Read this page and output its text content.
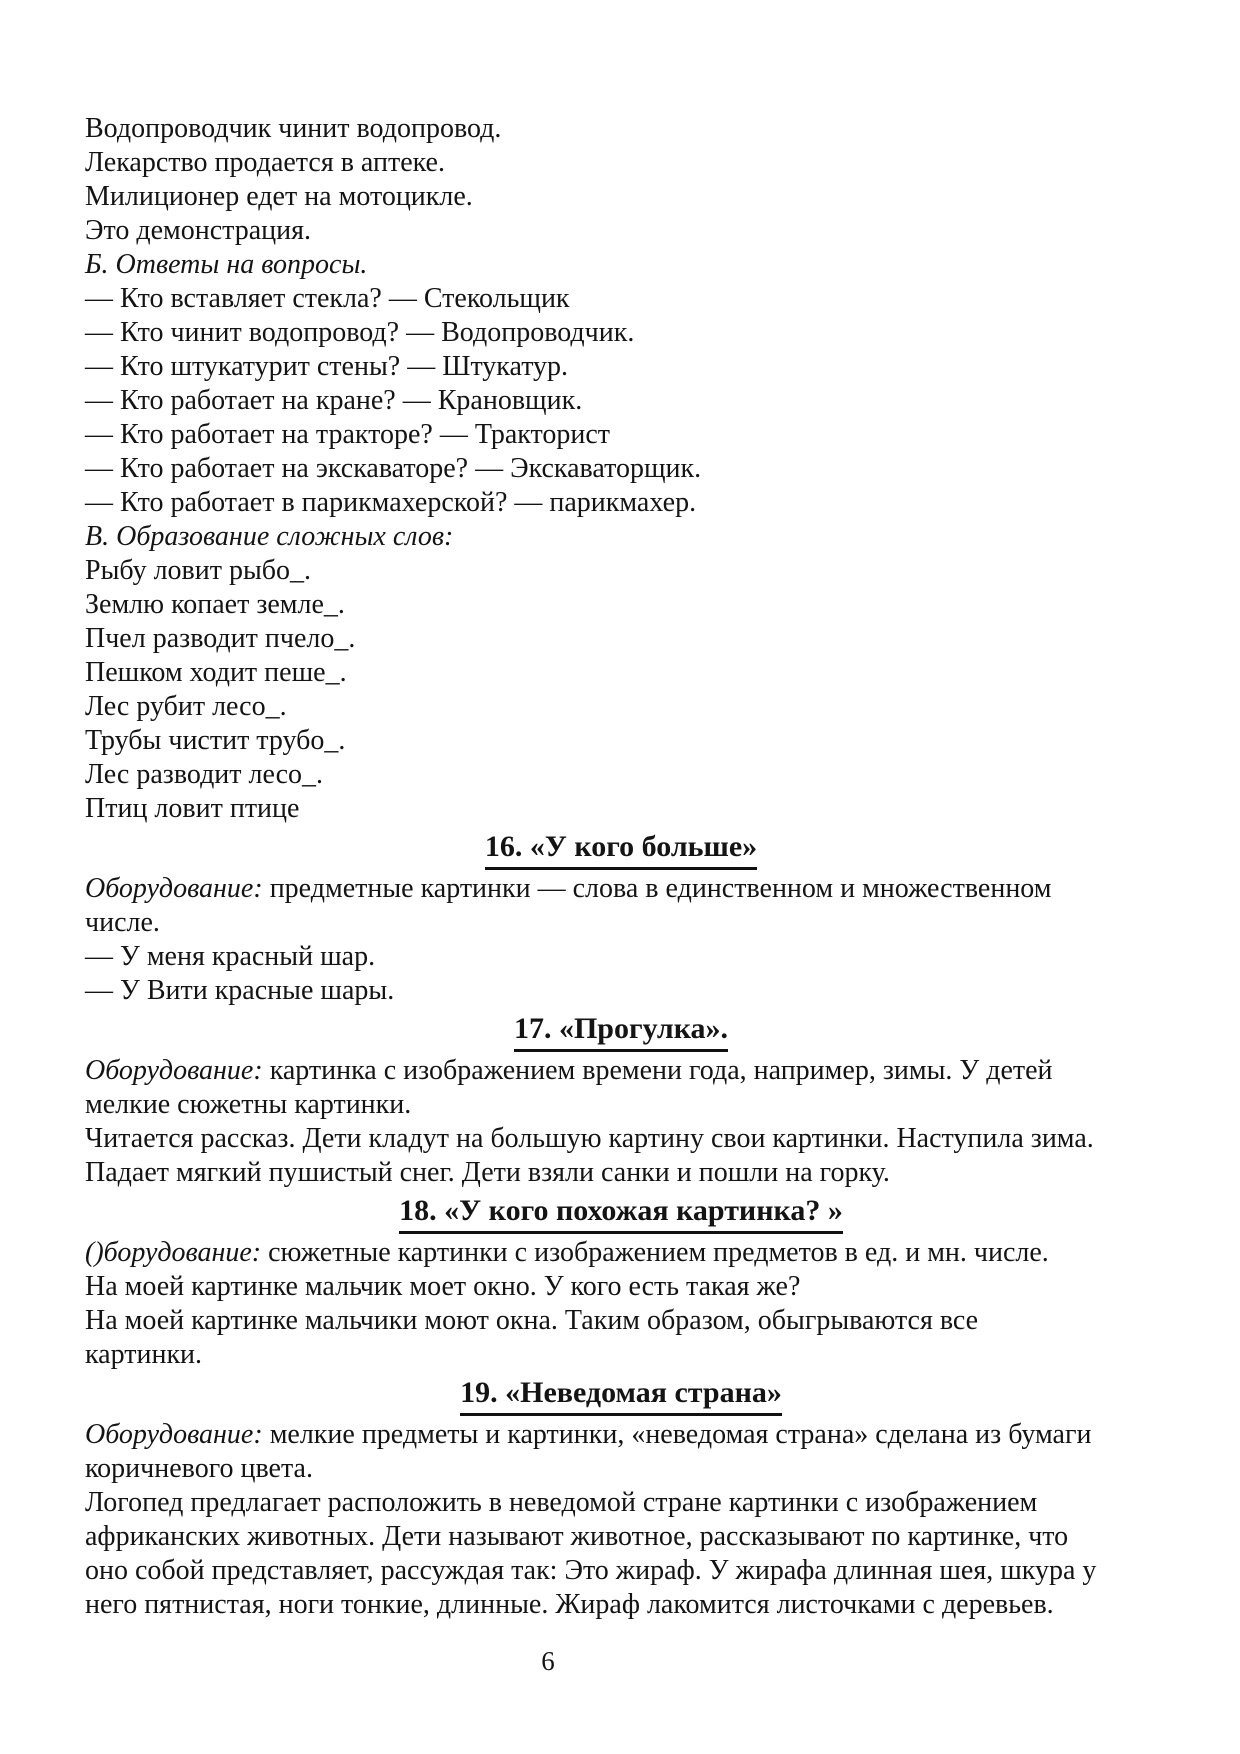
Водопроводчик чинит водопровод.
Лекарство продается в аптеке.
Милиционер едет на мотоцикле.
Это демонстрация.
Б. Ответы на вопросы.
— Кто вставляет стекла? — Стекольщик
— Кто чинит водопровод? — Водопроводчик.
— Кто штукатурит стены? — Штукатур.
— Кто работает на кране? — Крановщик.
— Кто работает на тракторе? — Тракторист
— Кто работает на экскаваторе? — Экскаваторщик.
— Кто работает в парикмахерской? — парикмахер.
В. Образование сложных слов:
Рыбу ловит рыбо_.
Землю копает земле_.
Пчел разводит пчело_.
Пешком ходит пеше_.
Лес рубит лесо_.
Трубы чистит трубо_.
Лес разводит лесо_.
Птиц ловит птице
16. «У кого больше»
Оборудование: предметные картинки — слова в единственном и множественном
числе.
— У меня красный шар.
— У Вити красные шары.
17. «Прогулка».
Оборудование: картинка с изображением времени года, например, зимы. У детей
мелкие сюжетны картинки.
Читается рассказ. Дети кладут на большую картину свои картинки. Наступила зима.
Падает мягкий пушистый снег. Дети взяли санки и пошли на горку.
18. «У кого похожая картинка? »
()борудование: сюжетные картинки с изображением предметов в ед. и мн. числе.
На моей картинке мальчик моет окно. У кого есть такая же?
На моей картинке мальчики моют окна. Таким образом, обыгрываются все
картинки.
19. «Неведомая страна»
Оборудование: мелкие предметы и картинки, «неведомая страна» сделана из бумаги
коричневого цвета.
Логопед предлагает расположить в неведомой стране картинки с изображением
африканских животных. Дети называют животное, рассказывают по картинке, что
оно собой представляет, рассуждая так: Это жираф. У жирафа длинная шея, шкура у
него пятнистая, ноги тонкие, длинные. Жираф лакомится листочками с деревьев.
6
